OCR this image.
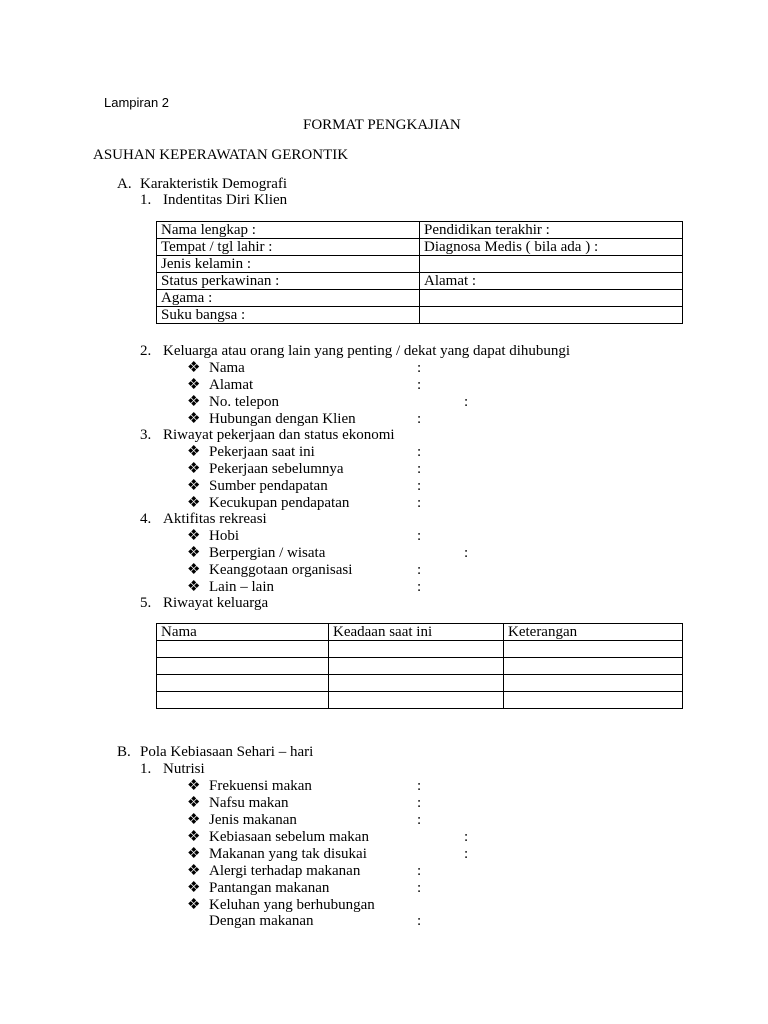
Lampiran 2
FORMAT PENGKAJIAN
ASUHAN KEPERAWATAN GERONTIK
A. Karakteristik Demografi
1. Indentitas Diri Klien
Nama lengkap :	Pendidikan terakhir :
Tempat / tgl lahir :	Diagnosa Medis ( bila ada ) :
Jenis kelamin :	
Status perkawinan :	Alamat :
Agama :	
Suku bangsa :	
2. Keluarga atau orang lain yang penting / dekat yang dapat dihubungi
❖ Nama	:
❖ Alamat	:
❖ No. telepon	:
❖ Hubungan dengan Klien	:
3. Riwayat pekerjaan dan status ekonomi
❖ Pekerjaan saat ini	:
❖ Pekerjaan sebelumnya	:
❖ Sumber pendapatan	:
❖ Kecukupan pendapatan	:
4. Aktifitas rekreasi
❖ Hobi	:
❖ Berpergian / wisata	:
❖ Keanggotaan organisasi	:
❖ Lain – lain	:
5. Riwayat keluarga
Nama	Keadaan saat ini	Keterangan

B. Pola Kebiasaan Sehari – hari
1. Nutrisi
❖ Frekuensi makan	:
❖ Nafsu makan	:
❖ Jenis makanan	:
❖ Kebiasaan sebelum makan	:
❖ Makanan yang tak disukai	:
❖ Alergi terhadap makanan	:
❖ Pantangan makanan	:
❖ Keluhan yang berhubungan
Dengan makanan	:
